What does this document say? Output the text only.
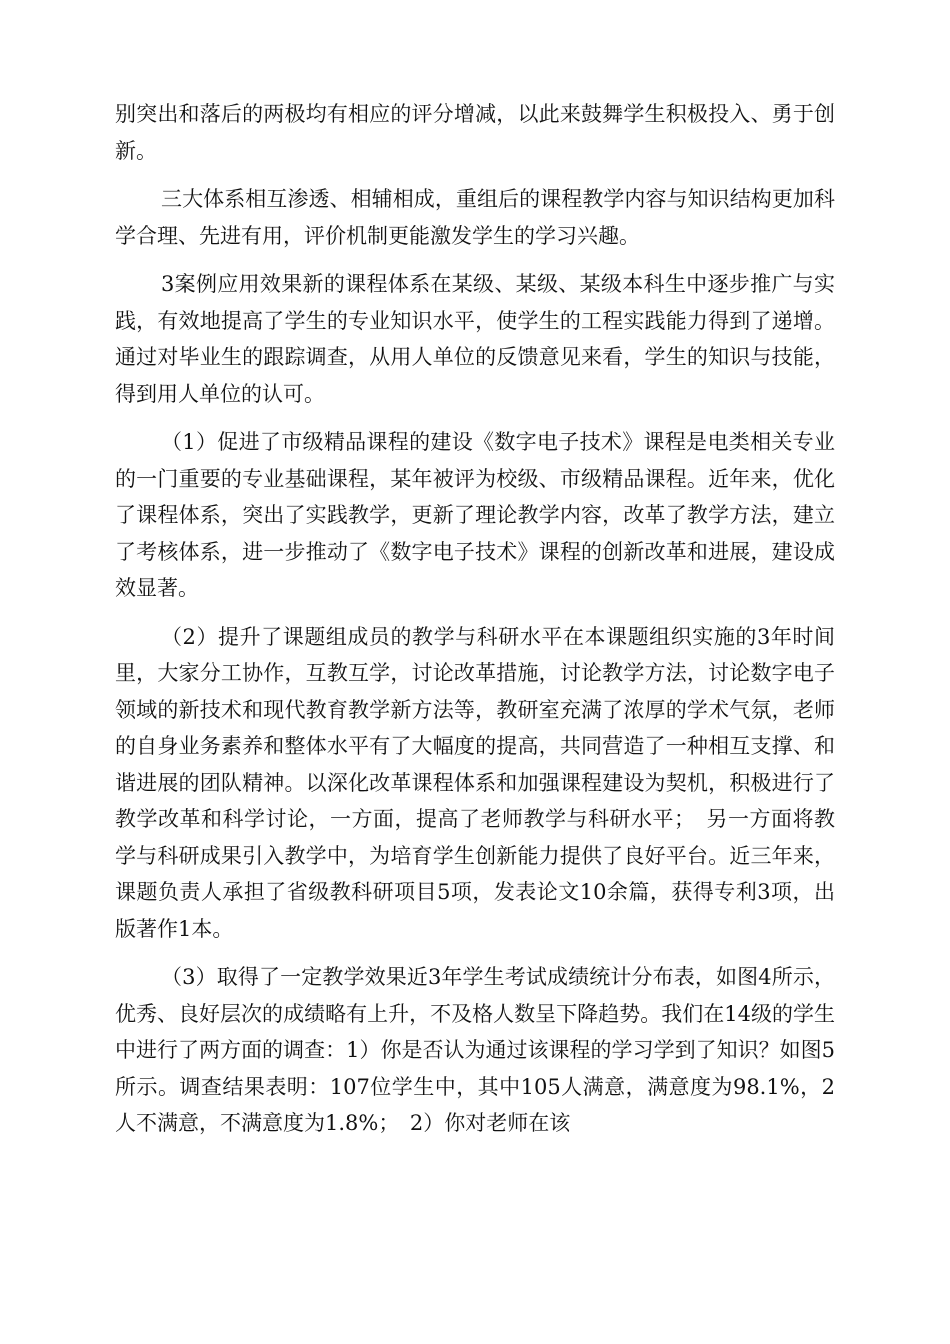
别突出和落后的两极均有相应的评分增减，以此来鼓舞学生积极投入、勇于创新。

三大体系相互渗透、相辅相成，重组后的课程教学内容与知识结构更加科学合理、先进有用，评价机制更能激发学生的学习兴趣。

3案例应用效果新的课程体系在某级、某级、某级本科生中逐步推广与实践，有效地提高了学生的专业知识水平，使学生的工程实践能力得到了递增。通过对毕业生的跟踪调查，从用人单位的反馈意见来看，学生的知识与技能，得到用人单位的认可。

（1）促进了市级精品课程的建设《数字电子技术》课程是电类相关专业的一门重要的专业基础课程，某年被评为校级、市级精品课程。近年来，优化了课程体系，突出了实践教学，更新了理论教学内容，改革了教学方法，建立了考核体系，进一步推动了《数字电子技术》课程的创新改革和进展，建设成效显著。

（2）提升了课题组成员的教学与科研水平在本课题组织实施的3年时间里，大家分工协作，互教互学，讨论改革措施，讨论教学方法，讨论数字电子领域的新技术和现代教育教学新方法等，教研室充满了浓厚的学术气氛，老师的自身业务素养和整体水平有了大幅度的提高，共同营造了一种相互支撑、和谐进展的团队精神。以深化改革课程体系和加强课程建设为契机，积极进行了教学改革和科学讨论，一方面，提高了老师教学与科研水平；　另一方面将教学与科研成果引入教学中，为培育学生创新能力提供了良好平台。近三年来，课题负责人承担了省级教科研项目5项，发表论文10余篇，获得专利3项，出版著作1本。

（3）取得了一定教学效果近3年学生考试成绩统计分布表，如图4所示，优秀、良好层次的成绩略有上升，不及格人数呈下降趋势。我们在14级的学生中进行了两方面的调查：1）你是否认为通过该课程的学习学到了知识？如图5所示。调查结果表明：107位学生中，其中105人满意，满意度为98.1%，2人不满意，不满意度为1.8%；　2）你对老师在该
